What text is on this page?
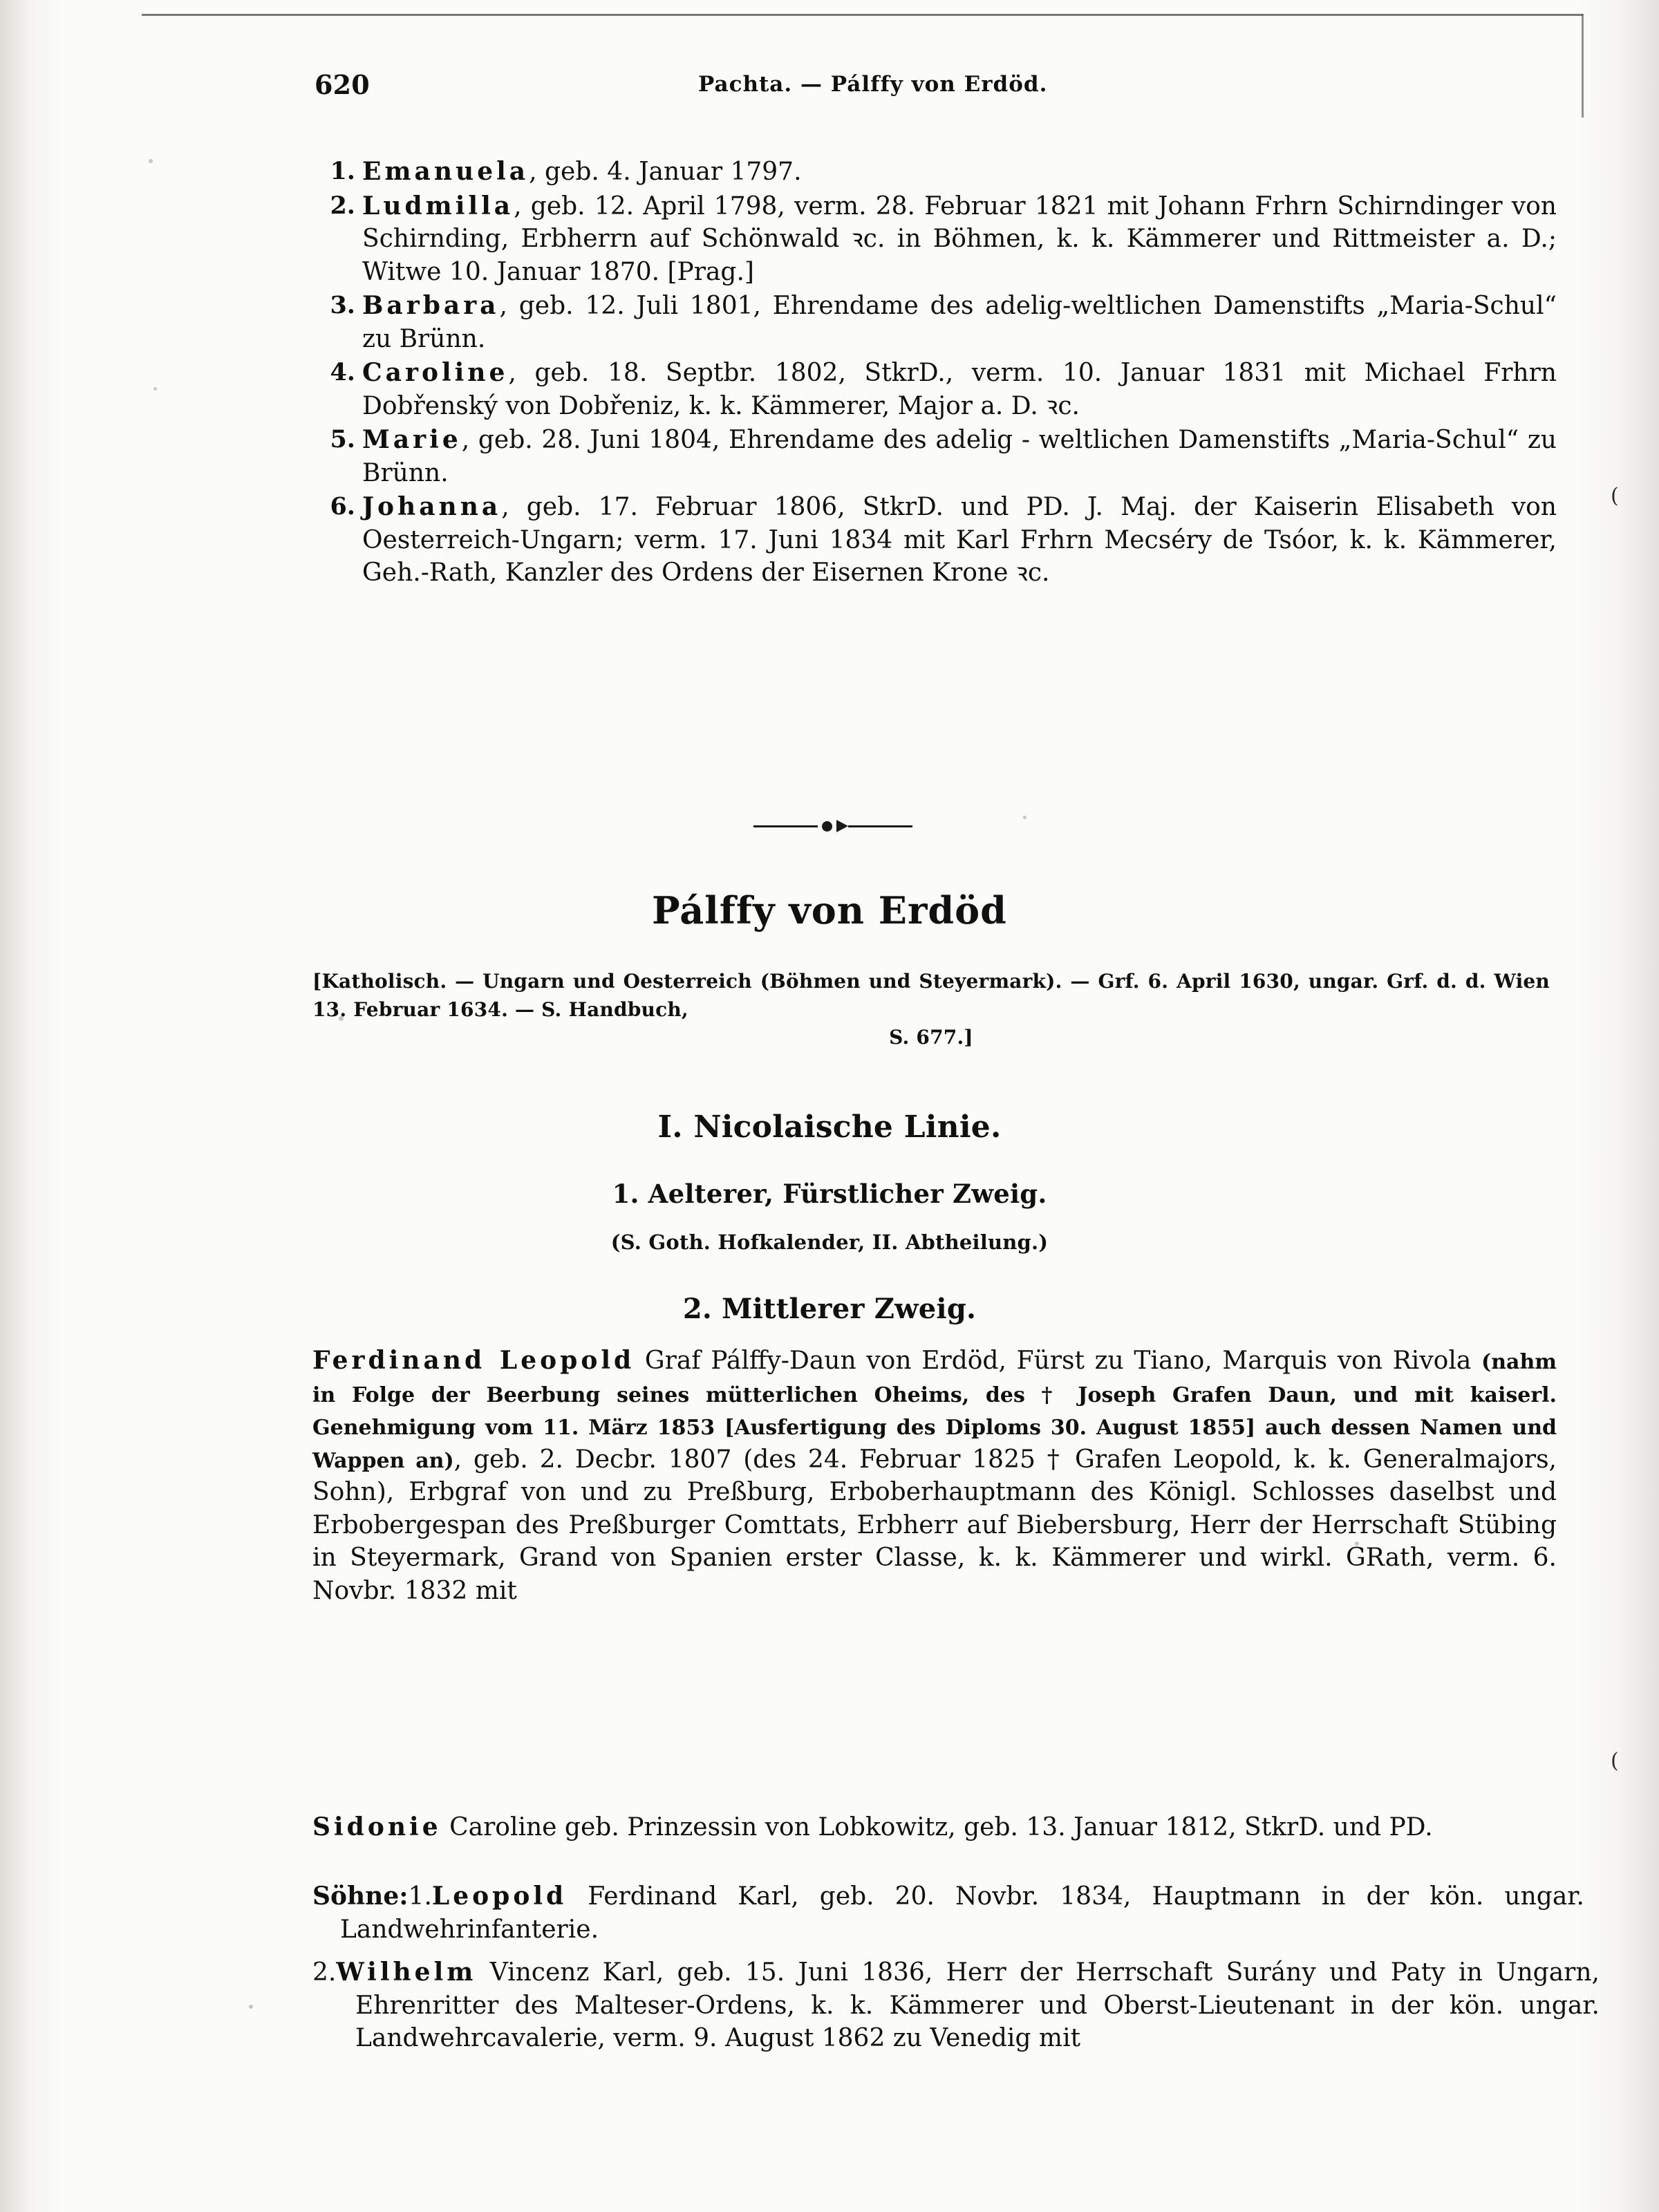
620	Pachta. — Pálffy von Erdöd.
1. Emanuela, geb. 4. Januar 1797.
2. Ludmilla, geb. 12. April 1798, verm. 28. Februar 1821 mit Johann Frhrn Schirndinger von Schirnding, Erbherrn auf Schönwald ꝛc. in Böhmen, k. k. Kämmerer und Rittmeister a. D.; Witwe 10. Januar 1870. [Prag.]
3. Barbara, geb. 12. Juli 1801, Ehrendame des adelig-weltlichen Damenstifts „Maria-Schul“ zu Brünn.
4. Caroline, geb. 18. Septbr. 1802, StkrD., verm. 10. Januar 1831 mit Michael Frhrn Dobřenský von Dobřeniz, k. k. Kämmerer, Major a. D. ꝛc.
5. Marie, geb. 28. Juni 1804, Ehrendame des adelig - weltlichen Damenstifts „Maria-Schul“ zu Brünn.
6. Johanna, geb. 17. Februar 1806, StkrD. und PD. J. Maj. der Kaiserin Elisabeth von Oesterreich-Ungarn; verm. 17. Juni 1834 mit Karl Frhrn Mecséry de Tsóor, k. k. Kämmerer, Geh.-Rath, Kanzler des Ordens der Eisernen Krone ꝛc.
Pálffy von Erdöd
[Katholisch. — Ungarn und Oesterreich (Böhmen und Steyermark). — Grf. 6. April 1630, ungar. Grf. d. d. Wien 13. Februar 1634. — S. Handbuch,
S. 677.]
I. Nicolaische Linie.
1. Aelterer, Fürstlicher Zweig.
(S. Goth. Hofkalender, II. Abtheilung.)
2. Mittlerer Zweig.
Ferdinand Leopold Graf Pálffy-Daun von Erdöd, Fürst zu Tiano, Marquis von Rivola (nahm in Folge der Beerbung seines mütterlichen Oheims, des † Joseph Grafen Daun, und mit kaiserl. Genehmigung vom 11. März 1853 [Ausfertigung des Diploms 30. August 1855] auch dessen Namen und Wappen an), geb. 2. Decbr. 1807 (des 24. Februar 1825 † Grafen Leopold, k. k. Generalmajors, Sohn), Erbgraf von und zu Preßburg, Erboberhauptmann des Königl. Schlosses daselbst und Erbobergespan des Preßburger Comttats, Erbherr auf Biebersburg, Herr der Herrschaft Stübing in Steyermark, Grand von Spanien erster Classe, k. k. Kämmerer und wirkl. GRath, verm. 6. Novbr. 1832 mit
Sidonie Caroline geb. Prinzessin von Lobkowitz, geb. 13. Januar 1812, StkrD. und PD.
Söhne:1.Leopold Ferdinand Karl, geb. 20. Novbr. 1834, Hauptmann in der kön. ungar. Landwehrinfanterie.
2.Wilhelm Vincenz Karl, geb. 15. Juni 1836, Herr der Herrschaft Surány und Paty in Ungarn, Ehrenritter des Malteser-Ordens, k. k. Kämmerer und Oberst-Lieutenant in der kön. ungar. Landwehrcavalerie, verm. 9. August 1862 zu Venedig mit
(
(
